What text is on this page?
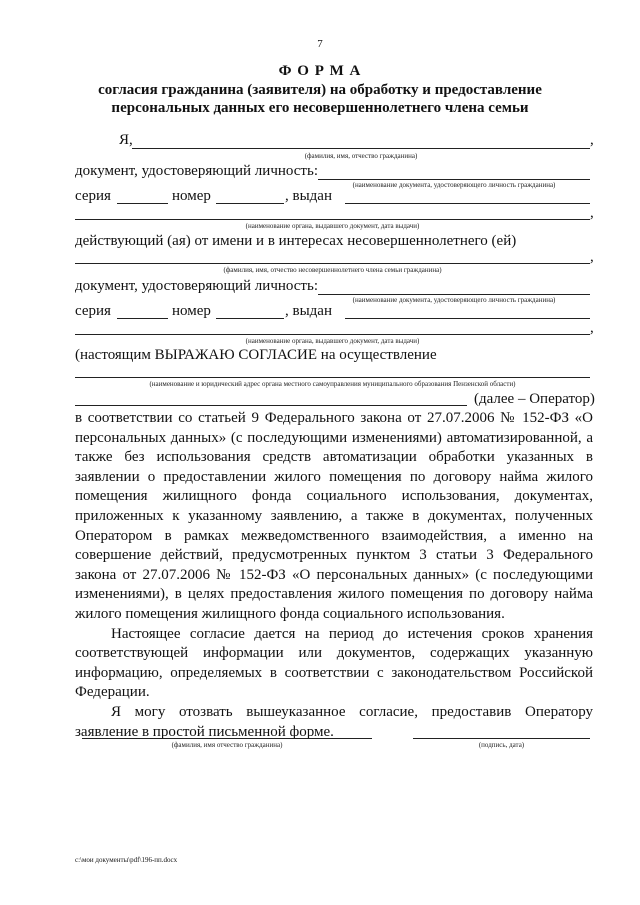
7
Ф О Р М А
согласия гражданина (заявителя) на обработку и предоставление
персональных данных его несовершеннолетнего члена семьи
Я,	,
(фамилия, имя, отчество гражданина)
документ, удостоверяющий личность:
(наименование документа, удостоверяющего личность гражданина)
серия	номер	, выдан
,
(наименование органа, выдавшего документ, дата выдачи)
действующий (ая) от имени и в интересах несовершеннолетнего (ей)
,
(фамилия, имя, отчество несовершеннолетнего члена семьи гражданина)
документ, удостоверяющий личность:
(наименование документа, удостоверяющего личность гражданина)
серия	номер	, выдан
,
(наименование органа, выдавшего документ, дата выдачи)
(настоящим ВЫРАЖАЮ СОГЛАСИЕ на осуществление
(наименование и юридический адрес органа местного самоуправления муниципального образования Пензенской области)
(далее – Оператор)

в соответствии со статьей 9 Федерального закона от 27.07.2006 № 152-ФЗ «О персональных данных» (с последующими изменениями) автоматизированной, а также без использования средств автоматизации обработки указанных в заявлении о предоставлении жилого помещения по договору найма жилого помещения жилищного фонда социального использования, документах, приложенных к указанному заявлению, а также в документах, полученных Оператором в рамках межведомственного взаимодействия, а именно на совершение действий, предусмотренных пунктом 3 статьи 3 Федерального закона от 27.07.2006 № 152-ФЗ «О персональных данных» (с последующими изменениями), в целях предоставления жилого помещения по договору найма жилого помещения жилищного фонда социального использования.

Настоящее согласие дается на период до истечения сроков хранения соответствующей информации или документов, содержащих указанную информацию, определяемых в соответствии с законодательством Российской Федерации.

Я могу отозвать вышеуказанное согласие, предоставив Оператору заявление в простой письменной форме.

(фамилия, имя отчество гражданина)	(подпись, дата)
c:\мои документы\pdf\196-пп.docx
